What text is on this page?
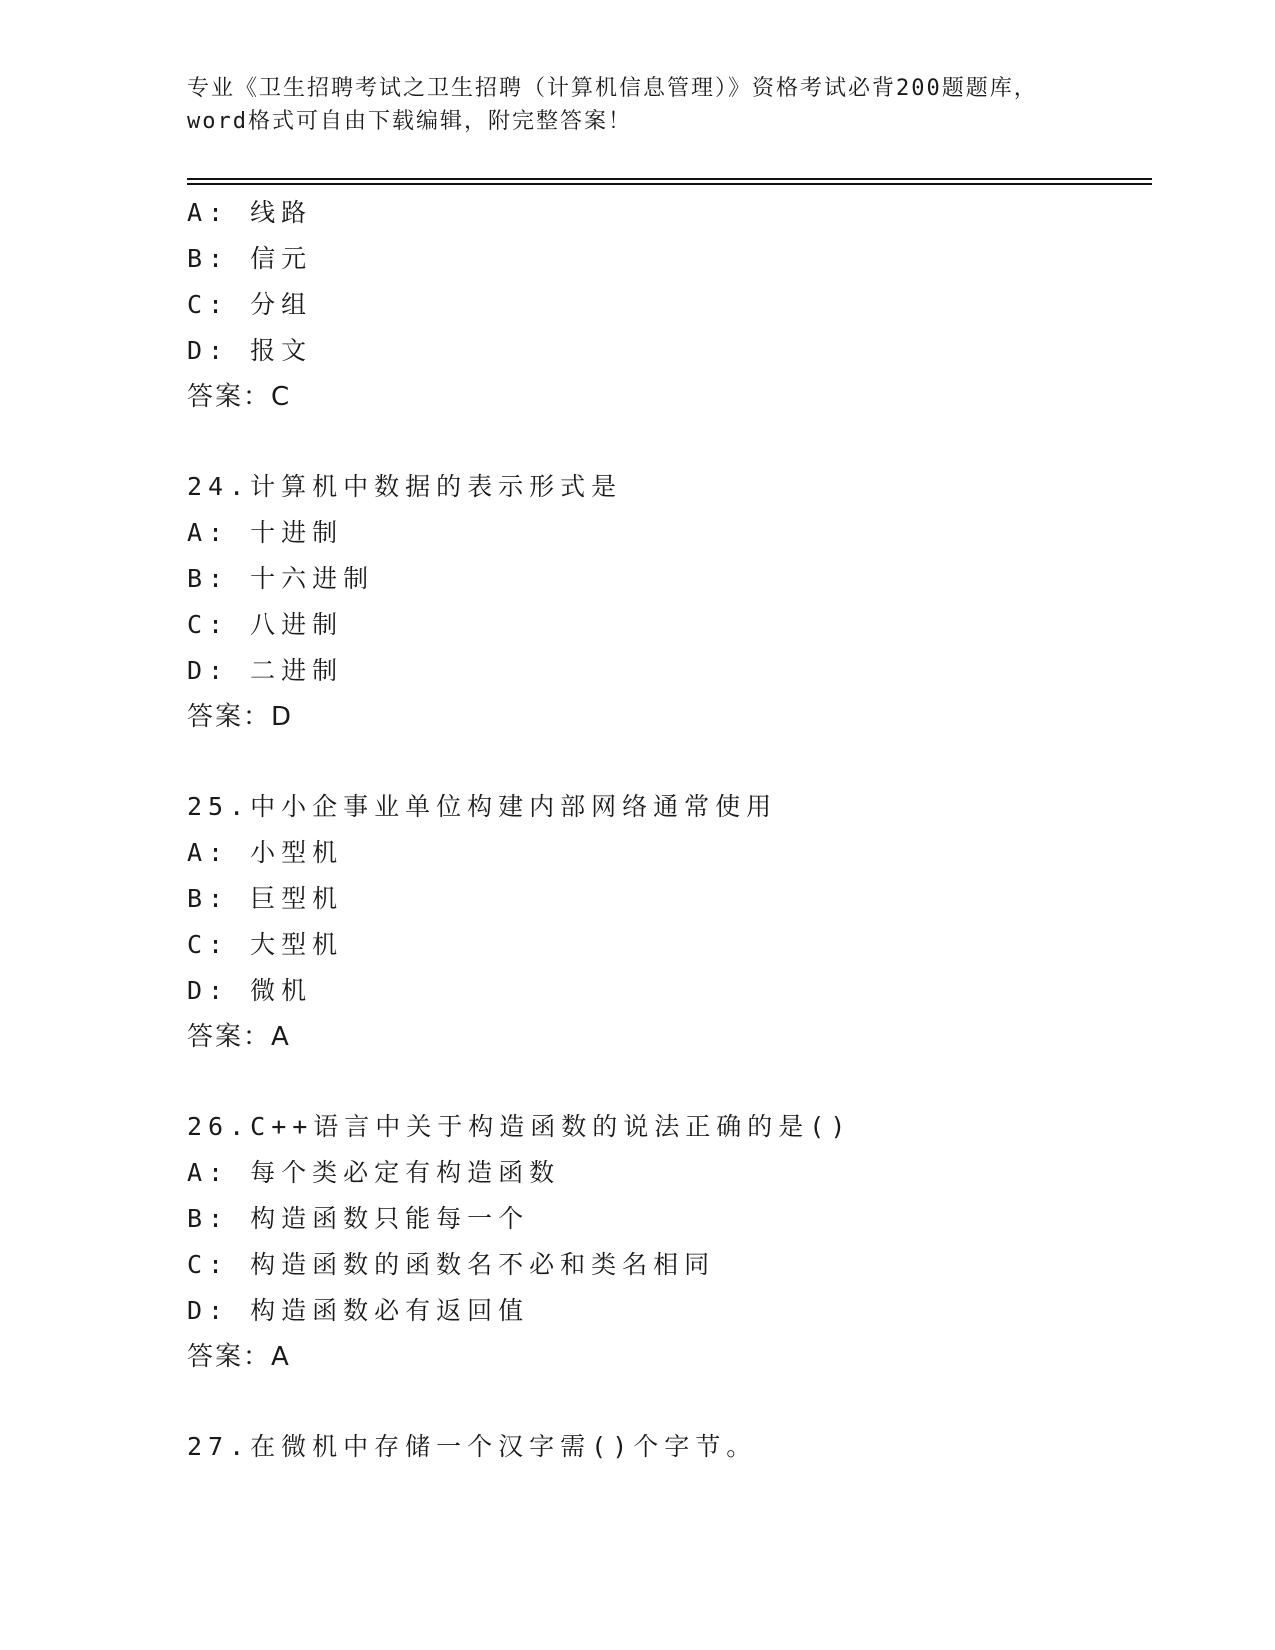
专业《卫生招聘考试之卫生招聘（计算机信息管理）》资格考试必背200题题库，
word格式可自由下载编辑，附完整答案！
A: 线路
B: 信元
C: 分组
D: 报文
答案：C
24.计算机中数据的表示形式是
A: 十进制
B: 十六进制
C: 八进制
D: 二进制
答案：D
25.中小企事业单位构建内部网络通常使用
A: 小型机
B: 巨型机
C: 大型机
D: 微机
答案：A
26.C++语言中关于构造函数的说法正确的是()
A: 每个类必定有构造函数
B: 构造函数只能每一个
C: 构造函数的函数名不必和类名相同
D: 构造函数必有返回值
答案：A
27.在微机中存储一个汉字需()个字节。
